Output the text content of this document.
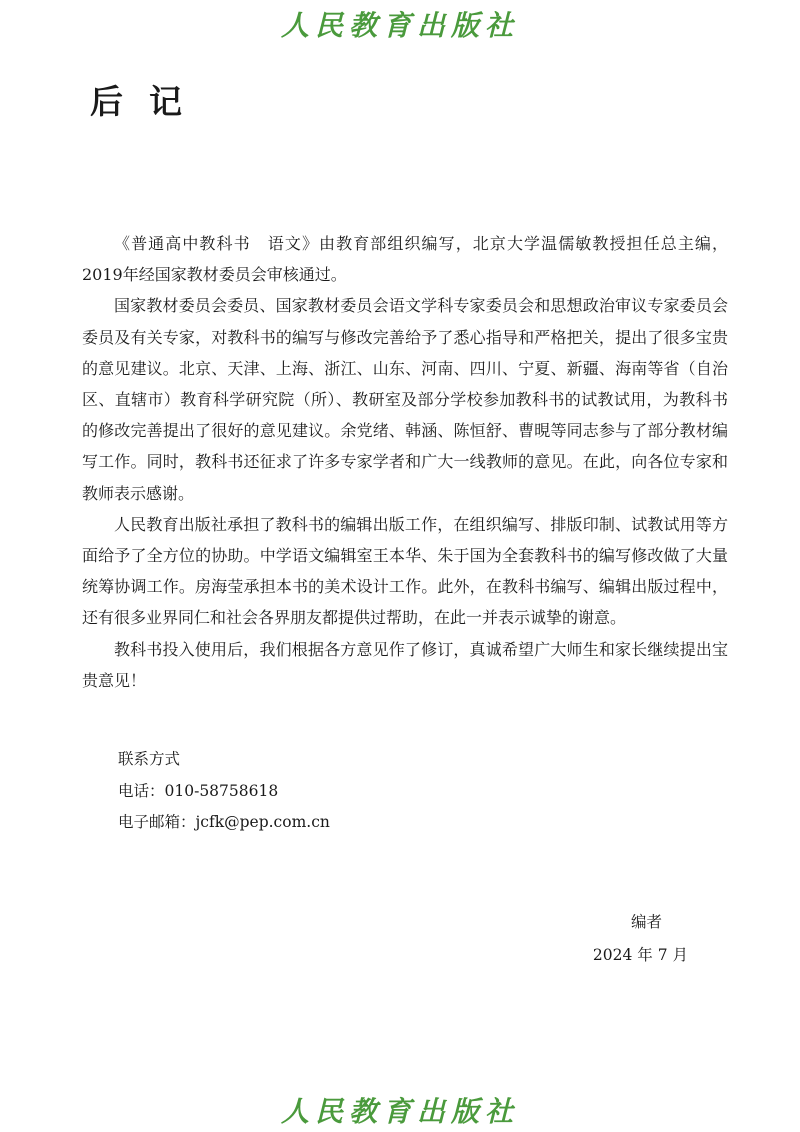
人民教育出版社
后记

《普通高中教科书　语文》由教育部组织编写，北京大学温儒敏教授担任总主编，2019年经国家教材委员会审核通过。

国家教材委员会委员、国家教材委员会语文学科专家委员会和思想政治审议专家委员会委员及有关专家，对教科书的编写与修改完善给予了悉心指导和严格把关，提出了很多宝贵的意见建议。北京、天津、上海、浙江、山东、河南、四川、宁夏、新疆、海南等省（自治区、直辖市）教育科学研究院（所）、教研室及部分学校参加教科书的试教试用，为教科书的修改完善提出了很好的意见建议。余党绪、韩涵、陈恒舒、曹晛等同志参与了部分教材编写工作。同时，教科书还征求了许多专家学者和广大一线教师的意见。在此，向各位专家和教师表示感谢。

人民教育出版社承担了教科书的编辑出版工作，在组织编写、排版印制、试教试用等方面给予了全方位的协助。中学语文编辑室王本华、朱于国为全套教科书的编写修改做了大量统筹协调工作。房海莹承担本书的美术设计工作。此外，在教科书编写、编辑出版过程中，还有很多业界同仁和社会各界朋友都提供过帮助，在此一并表示诚挚的谢意。

教科书投入使用后，我们根据各方意见作了修订，真诚希望广大师生和家长继续提出宝贵意见！

联系方式
电话：010-58758618
电子邮箱：jcfk@pep.com.cn
编者
2024 年 7 月
人民教育出版社
